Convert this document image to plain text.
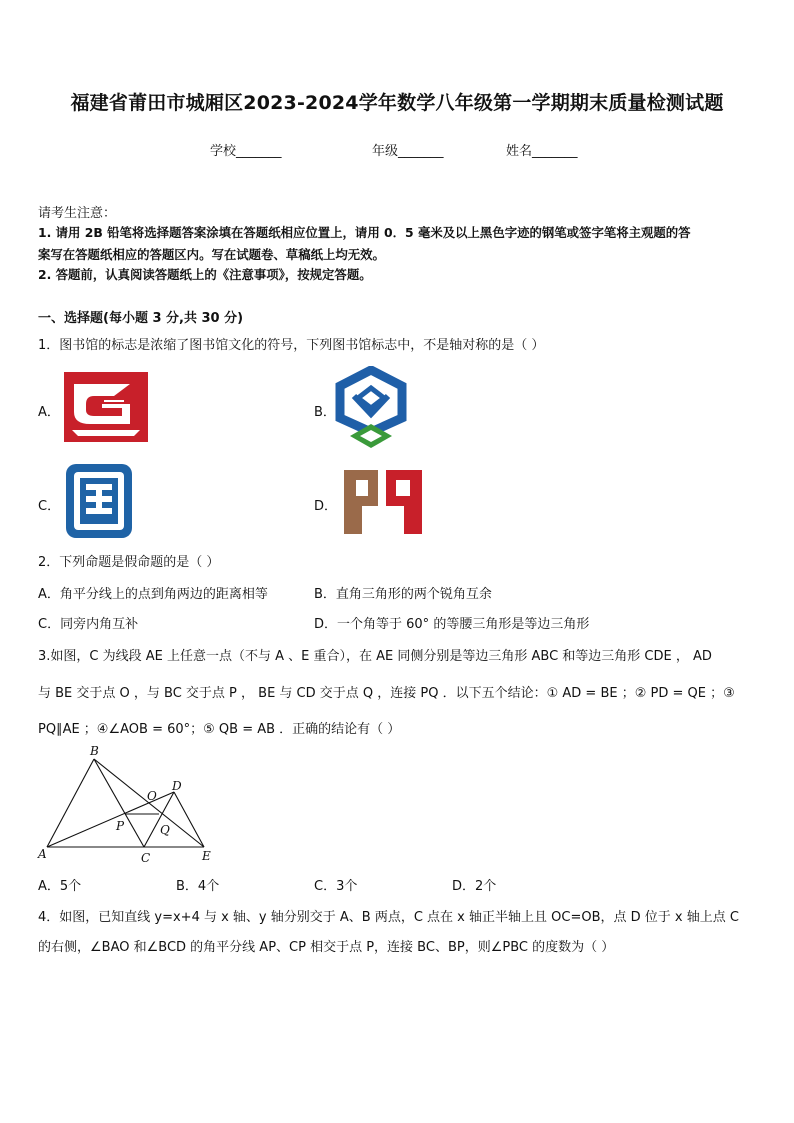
福建省莆田市城厢区2023-2024学年数学八年级第一学期期末质量检测试题
学校_______	年级_______	姓名_______
请考生注意：
1. 请用 2B 铅笔将选择题答案涂填在答题纸相应位置上，请用 0．5 毫米及以上黑色字迹的钢笔或签字笔将主观题的答
案写在答题纸相应的答题区内。写在试题卷、草稿纸上均无效。
2. 答题前，认真阅读答题纸上的《注意事项》，按规定答题。
一、选择题(每小题 3 分,共 30 分)
1．图书馆的标志是浓缩了图书馆文化的符号，下列图书馆标志中，不是轴对称的是（ ）
A．	B．
C．	D．
2．下列命题是假命题的是（ ）
A．角平分线上的点到角两边的距离相等	B．直角三角形的两个锐角互余
C．同旁内角互补	D．一个角等于 60° 的等腰三角形是等边三角形
3.如图，C 为线段 AE 上任意一点（不与 A 、E 重合），在 AE 同侧分别是等边三角形 ABC 和等边三角形 CDE ， AD
与 BE 交于点 O ，与 BC 交于点 P ， BE 与 CD 交于点 Q ，连接 PQ ．以下五个结论：① AD = BE ；② PD = QE ；③
PQ∥AE ；④∠AOB = 60°；⑤ QB = AB ．正确的结论有（ ）
B
D
O
P	Q
A	C	E
A．5个	B．4个	C．3个	D．2个
4．如图，已知直线 y=x+4 与 x 轴、y 轴分别交于 A、B 两点，C 点在 x 轴正半轴上且 OC=OB，点 D 位于 x 轴上点 C
的右侧，∠BAO 和∠BCD 的角平分线 AP、CP 相交于点 P，连接 BC、BP，则∠PBC 的度数为（ ）
